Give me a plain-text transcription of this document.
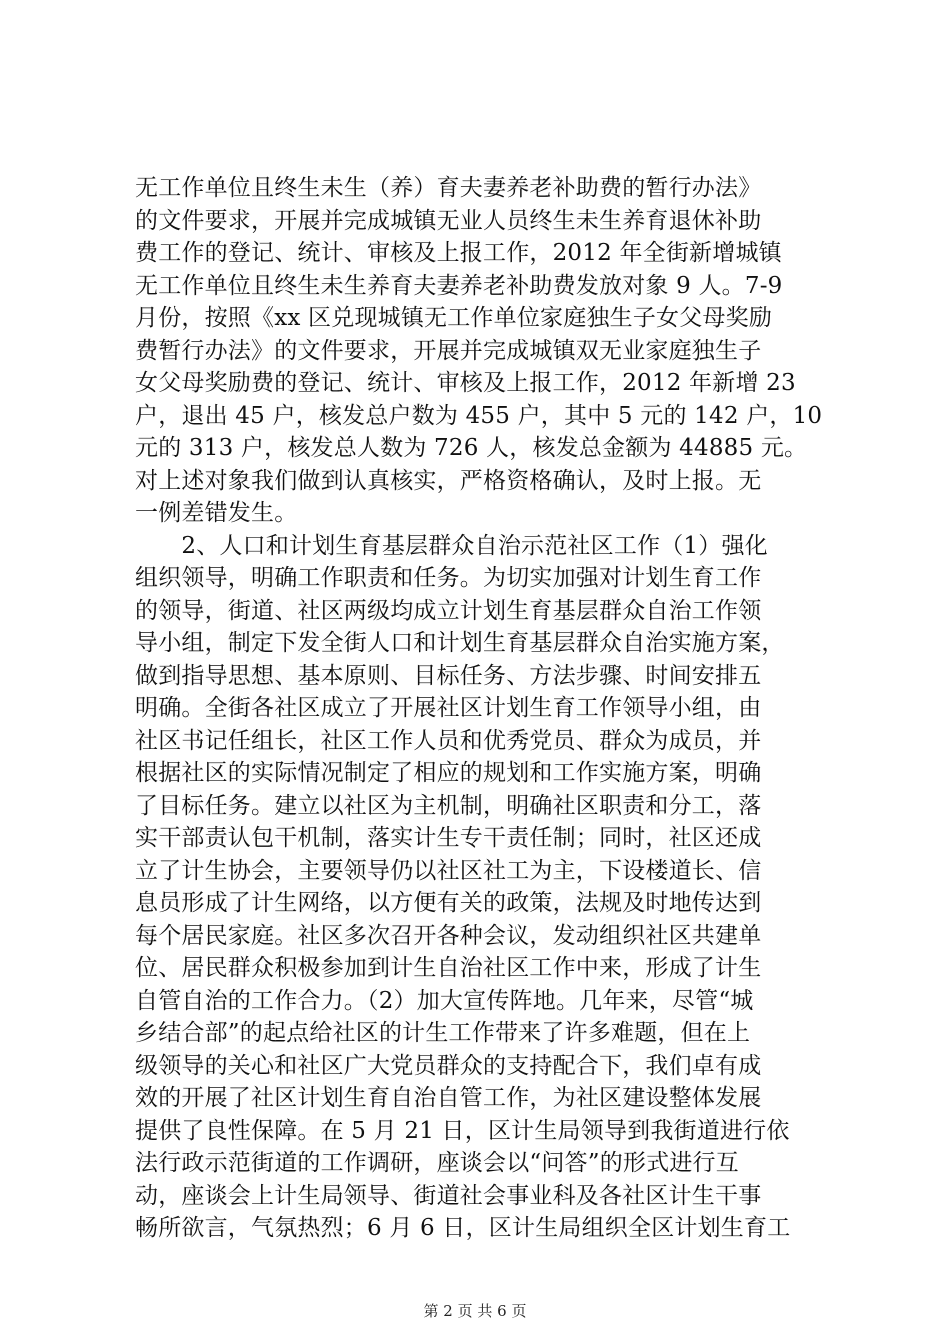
无工作单位且终生未生（养）育夫妻养老补助费的暂行办法》
的文件要求，开展并完成城镇无业人员终生未生养育退休补助
费工作的登记、统计、审核及上报工作，2012 年全街新增城镇
无工作单位且终生未生养育夫妻养老补助费发放对象 9 人。7-9
月份，按照《xx 区兑现城镇无工作单位家庭独生子女父母奖励
费暂行办法》的文件要求，开展并完成城镇双无业家庭独生子
女父母奖励费的登记、统计、审核及上报工作，2012 年新增 23
户，退出 45 户，核发总户数为 455 户，其中 5 元的 142 户，10
元的 313 户，核发总人数为 726 人，核发总金额为 44885 元。
对上述对象我们做到认真核实，严格资格确认，及时上报。无
一例差错发生。
　　2、人口和计划生育基层群众自治示范社区工作（1）强化
组织领导，明确工作职责和任务。为切实加强对计划生育工作
的领导，街道、社区两级均成立计划生育基层群众自治工作领
导小组，制定下发全街人口和计划生育基层群众自治实施方案，
做到指导思想、基本原则、目标任务、方法步骤、时间安排五
明确。全街各社区成立了开展社区计划生育工作领导小组，由
社区书记任组长，社区工作人员和优秀党员、群众为成员，并
根据社区的实际情况制定了相应的规划和工作实施方案，明确
了目标任务。建立以社区为主机制，明确社区职责和分工，落
实干部责认包干机制，落实计生专干责任制；同时，社区还成
立了计生协会，主要领导仍以社区社工为主，下设楼道长、信
息员形成了计生网络，以方便有关的政策，法规及时地传达到
每个居民家庭。社区多次召开各种会议，发动组织社区共建单
位、居民群众积极参加到计生自治社区工作中来，形成了计生
自管自治的工作合力。（2）加大宣传阵地。几年来，尽管“城
乡结合部”的起点给社区的计生工作带来了许多难题，但在上
级领导的关心和社区广大党员群众的支持配合下，我们卓有成
效的开展了社区计划生育自治自管工作，为社区建设整体发展
提供了良性保障。在 5 月 21 日，区计生局领导到我街道进行依
法行政示范街道的工作调研，座谈会以“问答”的形式进行互
动，座谈会上计生局领导、街道社会事业科及各社区计生干事
畅所欲言，气氛热烈；6 月 6 日，区计生局组织全区计划生育工
第 2 页 共 6 页
